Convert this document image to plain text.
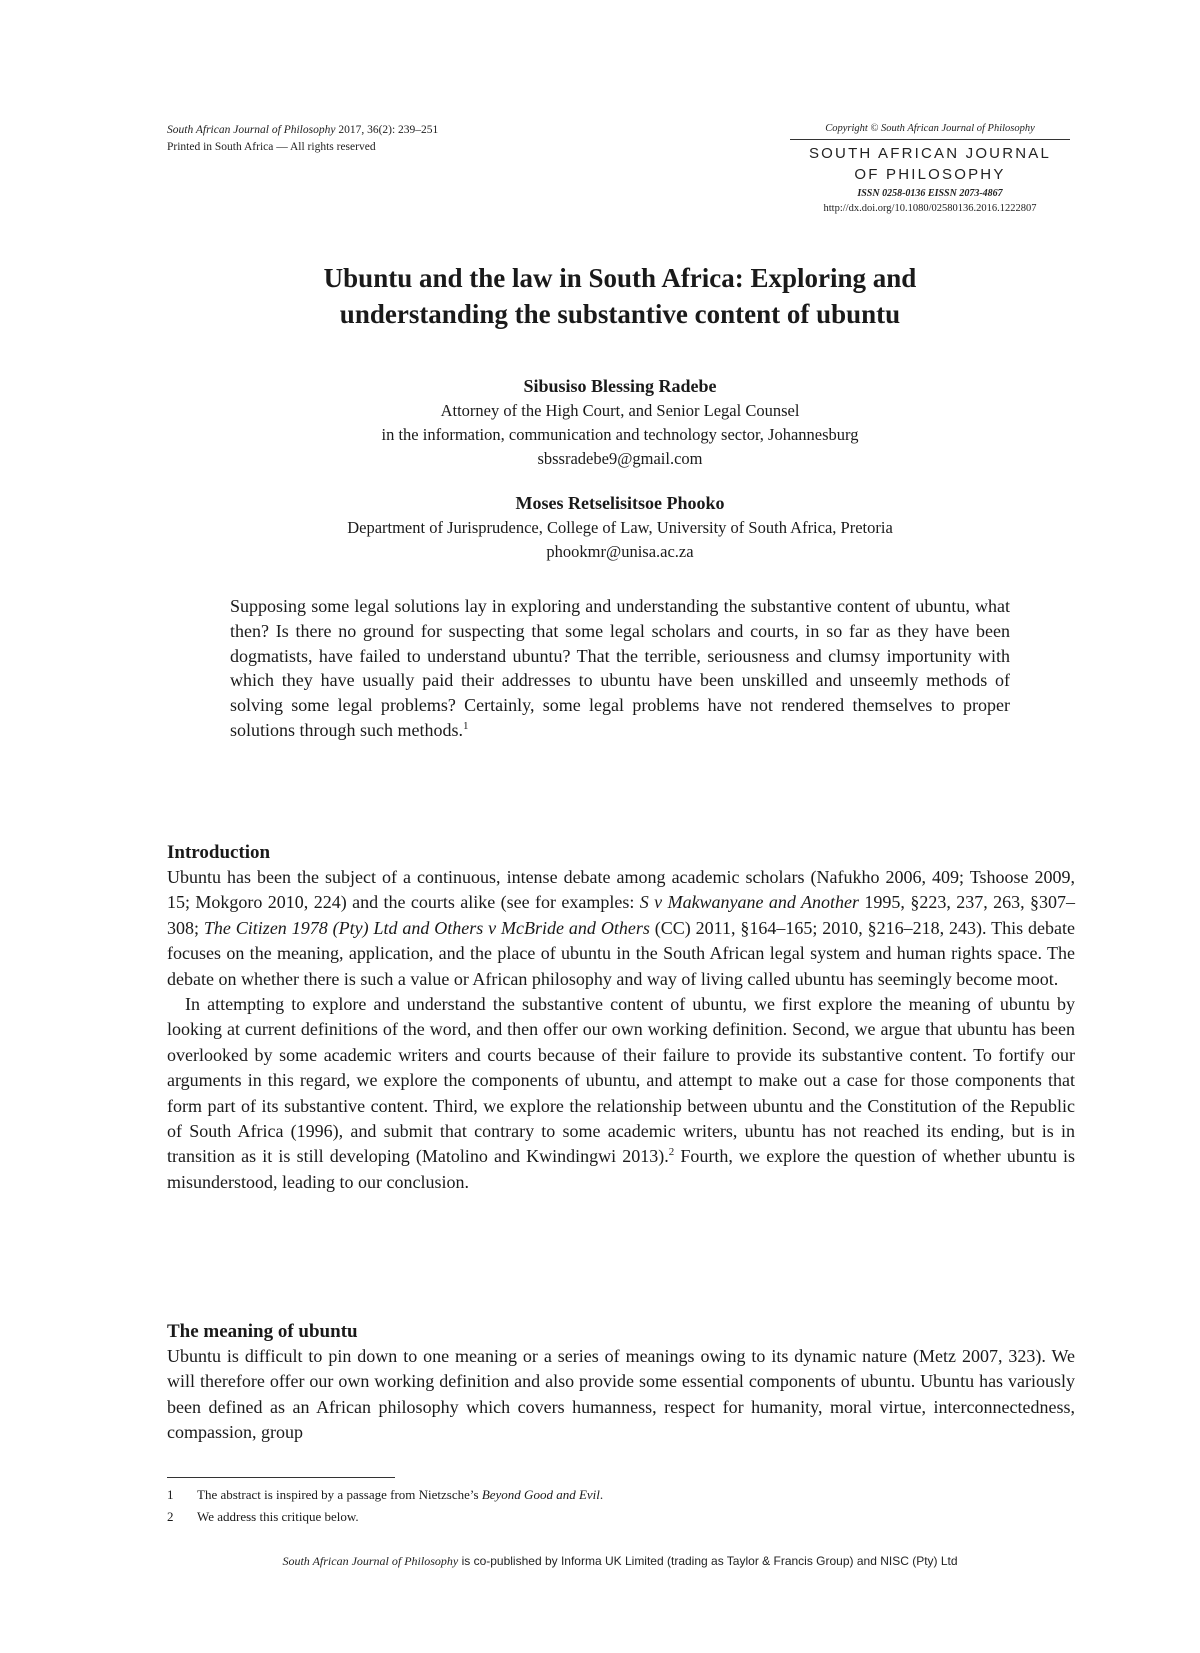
South African Journal of Philosophy 2017, 36(2): 239–251
Printed in South Africa — All rights reserved
Copyright © South African Journal of Philosophy
SOUTH AFRICAN JOURNAL
OF PHILOSOPHY
ISSN 0258-0136 EISSN 2073-4867
http://dx.doi.org/10.1080/02580136.2016.1222807
Ubuntu and the law in South Africa: Exploring and
understanding the substantive content of ubuntu
Sibusiso Blessing Radebe
Attorney of the High Court, and Senior Legal Counsel
in the information, communication and technology sector, Johannesburg
sbssradebe9@gmail.com
Moses Retselisitsoe Phooko
Department of Jurisprudence, College of Law, University of South Africa, Pretoria
phookmr@unisa.ac.za

Supposing some legal solutions lay in exploring and understanding the substantive content of ubuntu, what then? Is there no ground for suspecting that some legal scholars and courts, in so far as they have been dogmatists, have failed to understand ubuntu? That the terrible, seriousness and clumsy importunity with which they have usually paid their addresses to ubuntu have been unskilled and unseemly methods of solving some legal problems? Certainly, some legal problems have not rendered themselves to proper solutions through such methods.$^1$

Introduction

Ubuntu has been the subject of a continuous, intense debate among academic scholars (Nafukho 2006, 409; Tshoose 2009, 15; Mokgoro 2010, 224) and the courts alike (see for examples: S v Makwanyane and Another 1995, §223, 237, 263, §307–308; The Citizen 1978 (Pty) Ltd and Others v McBride and Others (CC) 2011, §164–165; 2010, §216–218, 243). This debate focuses on the meaning, application, and the place of ubuntu in the South African legal system and human rights space. The debate on whether there is such a value or African philosophy and way of living called ubuntu has seemingly become moot.

In attempting to explore and understand the substantive content of ubuntu, we first explore the meaning of ubuntu by looking at current definitions of the word, and then offer our own working definition. Second, we argue that ubuntu has been overlooked by some academic writers and courts because of their failure to provide its substantive content. To fortify our arguments in this regard, we explore the components of ubuntu, and attempt to make out a case for those components that form part of its substantive content. Third, we explore the relationship between ubuntu and the Constitution of the Republic of South Africa (1996), and submit that contrary to some academic writers, ubuntu has not reached its ending, but is in transition as it is still developing (Matolino and Kwindingwi 2013).$^2$ Fourth, we explore the question of whether ubuntu is misunderstood, leading to our conclusion.

The meaning of ubuntu

Ubuntu is difficult to pin down to one meaning or a series of meanings owing to its dynamic nature (Metz 2007, 323). We will therefore offer our own working definition and also provide some essential components of ubuntu. Ubuntu has variously been defined as an African philosophy which covers humanness, respect for humanity, moral virtue, interconnectedness, compassion, group

1	The abstract is inspired by a passage from Nietzsche’s Beyond Good and Evil.
2	We address this critique below.
South African Journal of Philosophy is co-published by Informa UK Limited (trading as Taylor & Francis Group) and NISC (Pty) Ltd
